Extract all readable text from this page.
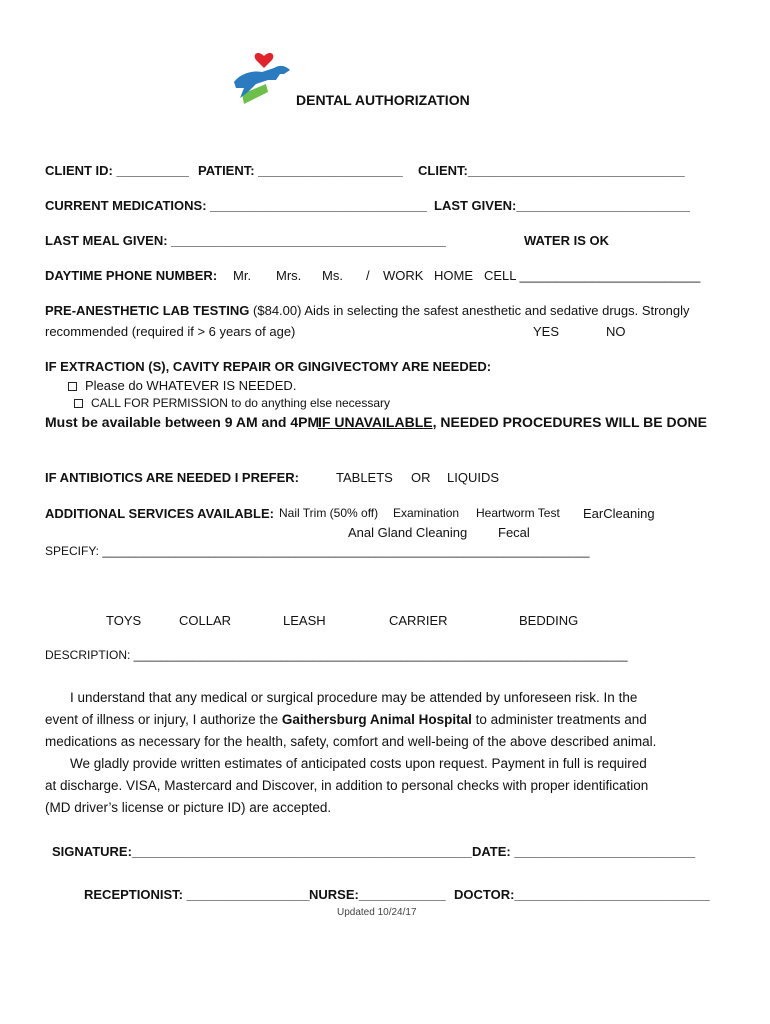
DENTAL AUTHORIZATION
CLIENT ID: __________ PATIENT: ____________________ CLIENT:______________________________
CURRENT MEDICATIONS: ______________________________ LAST GIVEN:________________________
LAST MEAL GIVEN: ______________________________________	WATER IS OK
DAYTIME PHONE NUMBER: Mr. Mrs. Ms. / WORK HOME CELL _________________________
PRE-ANESTHETIC LAB TESTING ($84.00) Aids in selecting the safest anesthetic and sedative drugs. Strongly
recommended (required if > 6 years of age)	YES	NO
IF EXTRACTION (S), CAVITY REPAIR OR GINGIVECTOMY ARE NEEDED:
Please do WHATEVER IS NEEDED.
CALL FOR PERMISSION to do anything else necessary
Must be available between 9 AM and 4PM
IF UNAVAILABLE, NEEDED PROCEDURES WILL BE DONE
IF ANTIBIOTICS ARE NEEDED I PREFER:	TABLETS OR LIQUIDS
ADDITIONAL SERVICES AVAILABLE: Nail Trim (50% off) Examination Heartworm Test EarCleaning
Anal Gland Cleaning Fecal
SPECIFY: _________________________________________________________________________
TOYS	COLLAR	LEASH	CARRIER	BEDDING
DESCRIPTION: __________________________________________________________________________
I understand that any medical or surgical procedure may be attended by unforeseen risk. In the
event of illness or injury, I authorize the Gaithersburg Animal Hospital to administer treatments and
medications as necessary for the health, safety, comfort and well-being of the above described animal.
We gladly provide written estimates of anticipated costs upon request. Payment in full is required
at discharge. VISA, Mastercard and Discover, in addition to personal checks with proper identification
(MD driver’s license or picture ID) are accepted.
SIGNATURE:_______________________________________________ DATE: _________________________
RECEPTIONIST: _________________ NURSE:____________ DOCTOR:___________________________
Updated 10/24/17
